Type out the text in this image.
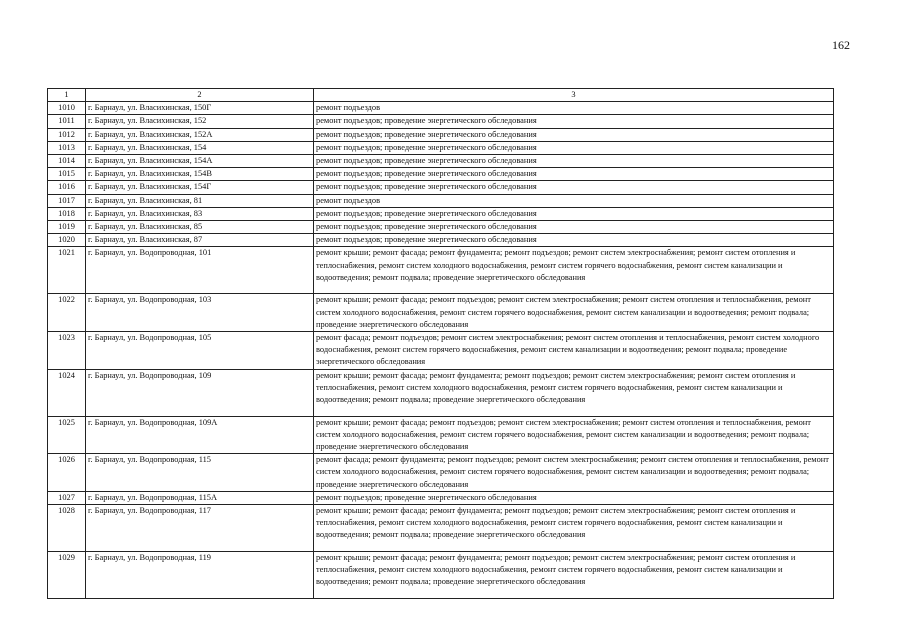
162
1	2	3
1010	г. Барнаул, ул. Власихинская, 150Г	ремонт подъездов
1011	г. Барнаул, ул. Власихинская, 152	ремонт подъездов; проведение энергетического обследования
1012	г. Барнаул, ул. Власихинская, 152А	ремонт подъездов; проведение энергетического обследования
1013	г. Барнаул, ул. Власихинская, 154	ремонт подъездов; проведение энергетического обследования
1014	г. Барнаул, ул. Власихинская, 154А	ремонт подъездов; проведение энергетического обследования
1015	г. Барнаул, ул. Власихинская, 154В	ремонт подъездов; проведение энергетического обследования
1016	г. Барнаул, ул. Власихинская, 154Г	ремонт подъездов; проведение энергетического обследования
1017	г. Барнаул, ул. Власихинская, 81	ремонт подъездов
1018	г. Барнаул, ул. Власихинская, 83	ремонт подъездов; проведение энергетического обследования
1019	г. Барнаул, ул. Власихинская, 85	ремонт подъездов; проведение энергетического обследования
1020	г. Барнаул, ул. Власихинская, 87	ремонт подъездов; проведение энергетического обследования
1021	г. Барнаул, ул. Водопроводная, 101	ремонт крыши; ремонт фасада; ремонт фундамента; ремонт подъездов; ремонт систем электроснабжения; ремонт систем отопления и теплоснабжения, ремонт систем холодного водоснабжения, ремонт систем горячего водоснабжения, ремонт систем канализации и водоотведения; ремонт подвала; проведение энергетического обследования
1022	г. Барнаул, ул. Водопроводная, 103	ремонт крыши; ремонт фасада; ремонт подъездов; ремонт систем электроснабжения; ремонт систем отопления и теплоснабжения, ремонт систем холодного водоснабжения, ремонт систем горячего водоснабжения, ремонт систем канализации и водоотведения; ремонт подвала; проведение энергетического обследования
1023	г. Барнаул, ул. Водопроводная, 105	ремонт фасада; ремонт подъездов; ремонт систем электроснабжения; ремонт систем отопления и теплоснабжения, ремонт систем холодного водоснабжения, ремонт систем горячего водоснабжения, ремонт систем канализации и водоотведения; ремонт подвала; проведение энергетического обследования
1024	г. Барнаул, ул. Водопроводная, 109	ремонт крыши; ремонт фасада; ремонт фундамента; ремонт подъездов; ремонт систем электроснабжения; ремонт систем отопления и теплоснабжения, ремонт систем холодного водоснабжения, ремонт систем горячего водоснабжения, ремонт систем канализации и водоотведения; ремонт подвала; проведение энергетического обследования
1025	г. Барнаул, ул. Водопроводная, 109А	ремонт крыши; ремонт фасада; ремонт подъездов; ремонт систем электроснабжения; ремонт систем отопления и теплоснабжения, ремонт систем холодного водоснабжения, ремонт систем горячего водоснабжения, ремонт систем канализации и водоотведения; ремонт подвала; проведение энергетического обследования
1026	г. Барнаул, ул. Водопроводная, 115	ремонт фасада; ремонт фундамента; ремонт подъездов; ремонт систем электроснабжения; ремонт систем отопления и теплоснабжения, ремонт систем холодного водоснабжения, ремонт систем горячего водоснабжения, ремонт систем канализации и водоотведения; ремонт подвала; проведение энергетического обследования
1027	г. Барнаул, ул. Водопроводная, 115А	ремонт подъездов; проведение энергетического обследования
1028	г. Барнаул, ул. Водопроводная, 117	ремонт крыши; ремонт фасада; ремонт фундамента; ремонт подъездов; ремонт систем электроснабжения; ремонт систем отопления и теплоснабжения, ремонт систем холодного водоснабжения, ремонт систем горячего водоснабжения, ремонт систем канализации и водоотведения; ремонт подвала; проведение энергетического обследования
1029	г. Барнаул, ул. Водопроводная, 119	ремонт крыши; ремонт фасада; ремонт фундамента; ремонт подъездов; ремонт систем электроснабжения; ремонт систем отопления и теплоснабжения, ремонт систем холодного водоснабжения, ремонт систем горячего водоснабжения, ремонт систем канализации и водоотведения; ремонт подвала; проведение энергетического обследования
